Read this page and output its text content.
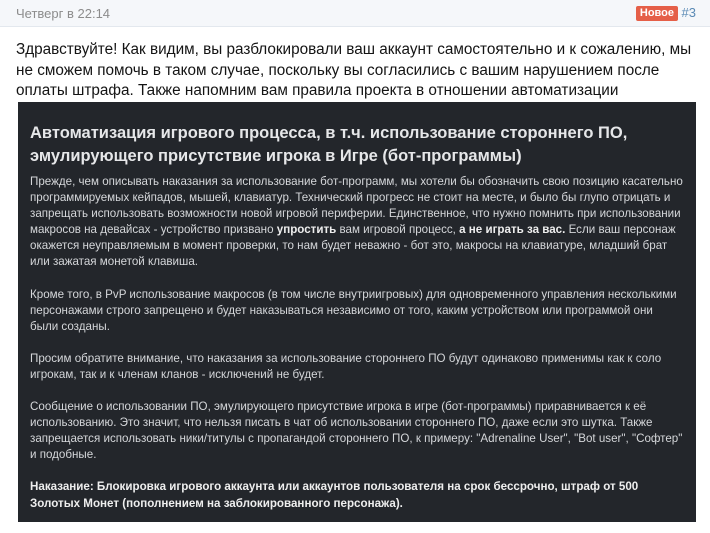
Четверг в 22:14	Новое #3
Здравствуйте! Как видим, вы разблокировали ваш аккаунт самостоятельно и к сожалению, мы не сможем помочь в таком случае, поскольку вы согласились с вашим нарушением после оплаты штрафа. Также напомним вам правила проекта в отношении автоматизации
Автоматизация игрового процесса, в т.ч. использование стороннего ПО, эмулирующего присутствие игрока в Игре (бот-программы)

Прежде, чем описывать наказания за использование бот-программ, мы хотели бы обозначить свою позицию касательно программируемых кейпадов, мышей, клавиатур. Технический прогресс не стоит на месте, и было бы глупо отрицать и запрещать использовать возможности новой игровой периферии. Единственное, что нужно помнить при использовании макросов на девайсах - устройство призвано упростить вам игровой процесс, а не играть за вас. Если ваш персонаж окажется неуправляемым в момент проверки, то нам будет неважно - бот это, макросы на клавиатуре, младший брат или зажатая монетой клавиша.

Кроме того, в PvP использование макросов (в том числе внутриигровых) для одновременного управления несколькими персонажами строго запрещено и будет наказываться независимо от того, каким устройством или программой они были созданы.

Просим обратите внимание, что наказания за использование стороннего ПО будут одинаково применимы как к соло игрокам, так и к членам кланов - исключений не будет.

Сообщение о использовании ПО, эмулирующего присутствие игрока в игре (бот-программы) приравнивается к её использованию. Это значит, что нельзя писать в чат об использовании стороннего ПО, даже если это шутка. Также запрещается использовать ники/титулы с пропагандой стороннего ПО, к примеру: "Adrenaline User", "Bot user", "Софтер" и подобные.

Наказание: Блокировка игрового аккаунта или аккаунтов пользователя на срок бессрочно, штраф от 500 Золотых Монет (пополнением на заблокированного персонажа).
